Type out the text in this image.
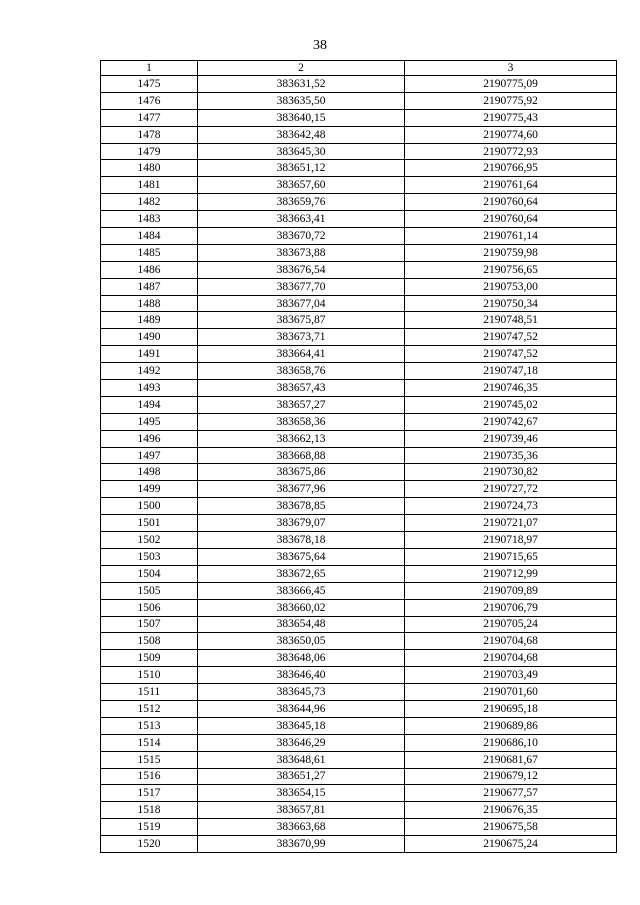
38
1	2	3
1475	383631,52	2190775,09
1476	383635,50	2190775,92
1477	383640,15	2190775,43
1478	383642,48	2190774,60
1479	383645,30	2190772,93
1480	383651,12	2190766,95
1481	383657,60	2190761,64
1482	383659,76	2190760,64
1483	383663,41	2190760,64
1484	383670,72	2190761,14
1485	383673,88	2190759,98
1486	383676,54	2190756,65
1487	383677,70	2190753,00
1488	383677,04	2190750,34
1489	383675,87	2190748,51
1490	383673,71	2190747,52
1491	383664,41	2190747,52
1492	383658,76	2190747,18
1493	383657,43	2190746,35
1494	383657,27	2190745,02
1495	383658,36	2190742,67
1496	383662,13	2190739,46
1497	383668,88	2190735,36
1498	383675,86	2190730,82
1499	383677,96	2190727,72
1500	383678,85	2190724,73
1501	383679,07	2190721,07
1502	383678,18	2190718,97
1503	383675,64	2190715,65
1504	383672,65	2190712,99
1505	383666,45	2190709,89
1506	383660,02	2190706,79
1507	383654,48	2190705,24
1508	383650,05	2190704,68
1509	383648,06	2190704,68
1510	383646,40	2190703,49
1511	383645,73	2190701,60
1512	383644,96	2190695,18
1513	383645,18	2190689,86
1514	383646,29	2190686,10
1515	383648,61	2190681,67
1516	383651,27	2190679,12
1517	383654,15	2190677,57
1518	383657,81	2190676,35
1519	383663,68	2190675,58
1520	383670,99	2190675,24
